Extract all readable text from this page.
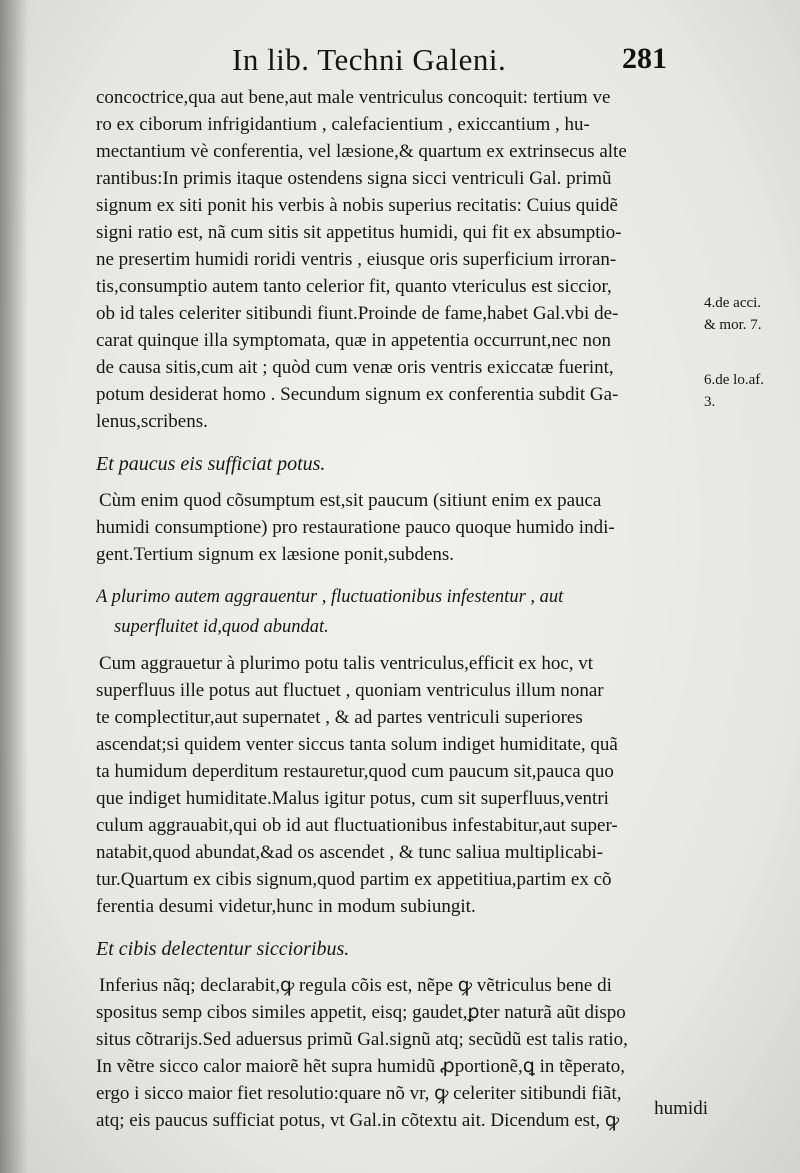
In lib. Techni Galeni.	281
concoctrice,qua aut bene,aut male ventriculus concoquit: tertium ve
ro ex ciborum infrigidantium , calefacientium , exiccantium , hu-
mectantium vè conferentia, vel læsione,& quartum ex extrinsecus alte
rantibus:In primis itaque ostendens signa sicci ventriculi Gal. primũ
signum ex siti ponit his verbis à nobis superius recitatis: Cuius quidẽ
signi ratio est, nã cum sitis sit appetitus humidi, qui fit ex absumptio-
ne presertim humidi roridi ventris , eiusque oris superficium irroran-
tis,consumptio autem tanto celerior fit, quanto vtericulus est siccior,
ob id tales celeriter sitibundi fiunt.Proinde de fame,habet Gal.vbi de-
carat quinque illa symptomata, quæ in appetentia occurrunt,nec non
de causa sitis,cum ait ; quòd cum venæ oris ventris exiccatæ fuerint,
potum desiderat homo . Secundum signum ex conferentia subdit Ga-
lenus,scribens.
Et paucus eis sufficiat potus.
Cùm enim quod cõsumptum est,sit paucum (sitiunt enim ex pauca
humidi consumptione) pro restauratione pauco quoque humido indi-
gent.Tertium signum ex læsione ponit,subdens.
A plurimo autem aggrauentur , fluctuationibus infestentur , aut
superfluitet id,quod abundat.
Cum aggrauetur à plurimo potu talis ventriculus,efficit ex hoc, vt
superfluus ille potus aut fluctuet , quoniam ventriculus illum nonar
te complectitur,aut supernatet , & ad partes ventriculi superiores
ascendat;si quidem venter siccus tanta solum indiget humiditate, quã
ta humidum deperditum restauretur,quod cum paucum sit,pauca quo
que indiget humiditate.Malus igitur potus, cum sit superfluus,ventri
culum aggrauabit,qui ob id aut fluctuationibus infestabitur,aut super-
natabit,quod abundat,&ad os ascendet , & tunc saliua multiplicabi-
tur.Quartum ex cibis signum,quod partim ex appetitiua,partim ex cõ
ferentia desumi videtur,hunc in modum subiungit.
Et cibis delectentur siccioribus.
Inferius nãq; declarabit,ꝙ regula cõis est, nẽpe ꝙ vẽtriculus bene di
spositus semp cibos similes appetit, eisq; gaudet,ꝑter naturã aũt dispo
situs cõtrarijs.Sed aduersus primũ Gal.signũ atq; secũdũ est talis ratio,
In vẽtre sicco calor maiorẽ hẽt supra humidũ ꝓportionẽ,ꝗ in tẽperato,
ergo i sicco maior fiet resolutio:quare nõ vr, ꝙ celeriter sitibundi fiãt,
atq; eis paucus sufficiat potus, vt Gal.in cõtextu ait. Dicendum est, ꝙ
humidi
4.de acci.
& mor. 7.
6.de lo.af.
3.
